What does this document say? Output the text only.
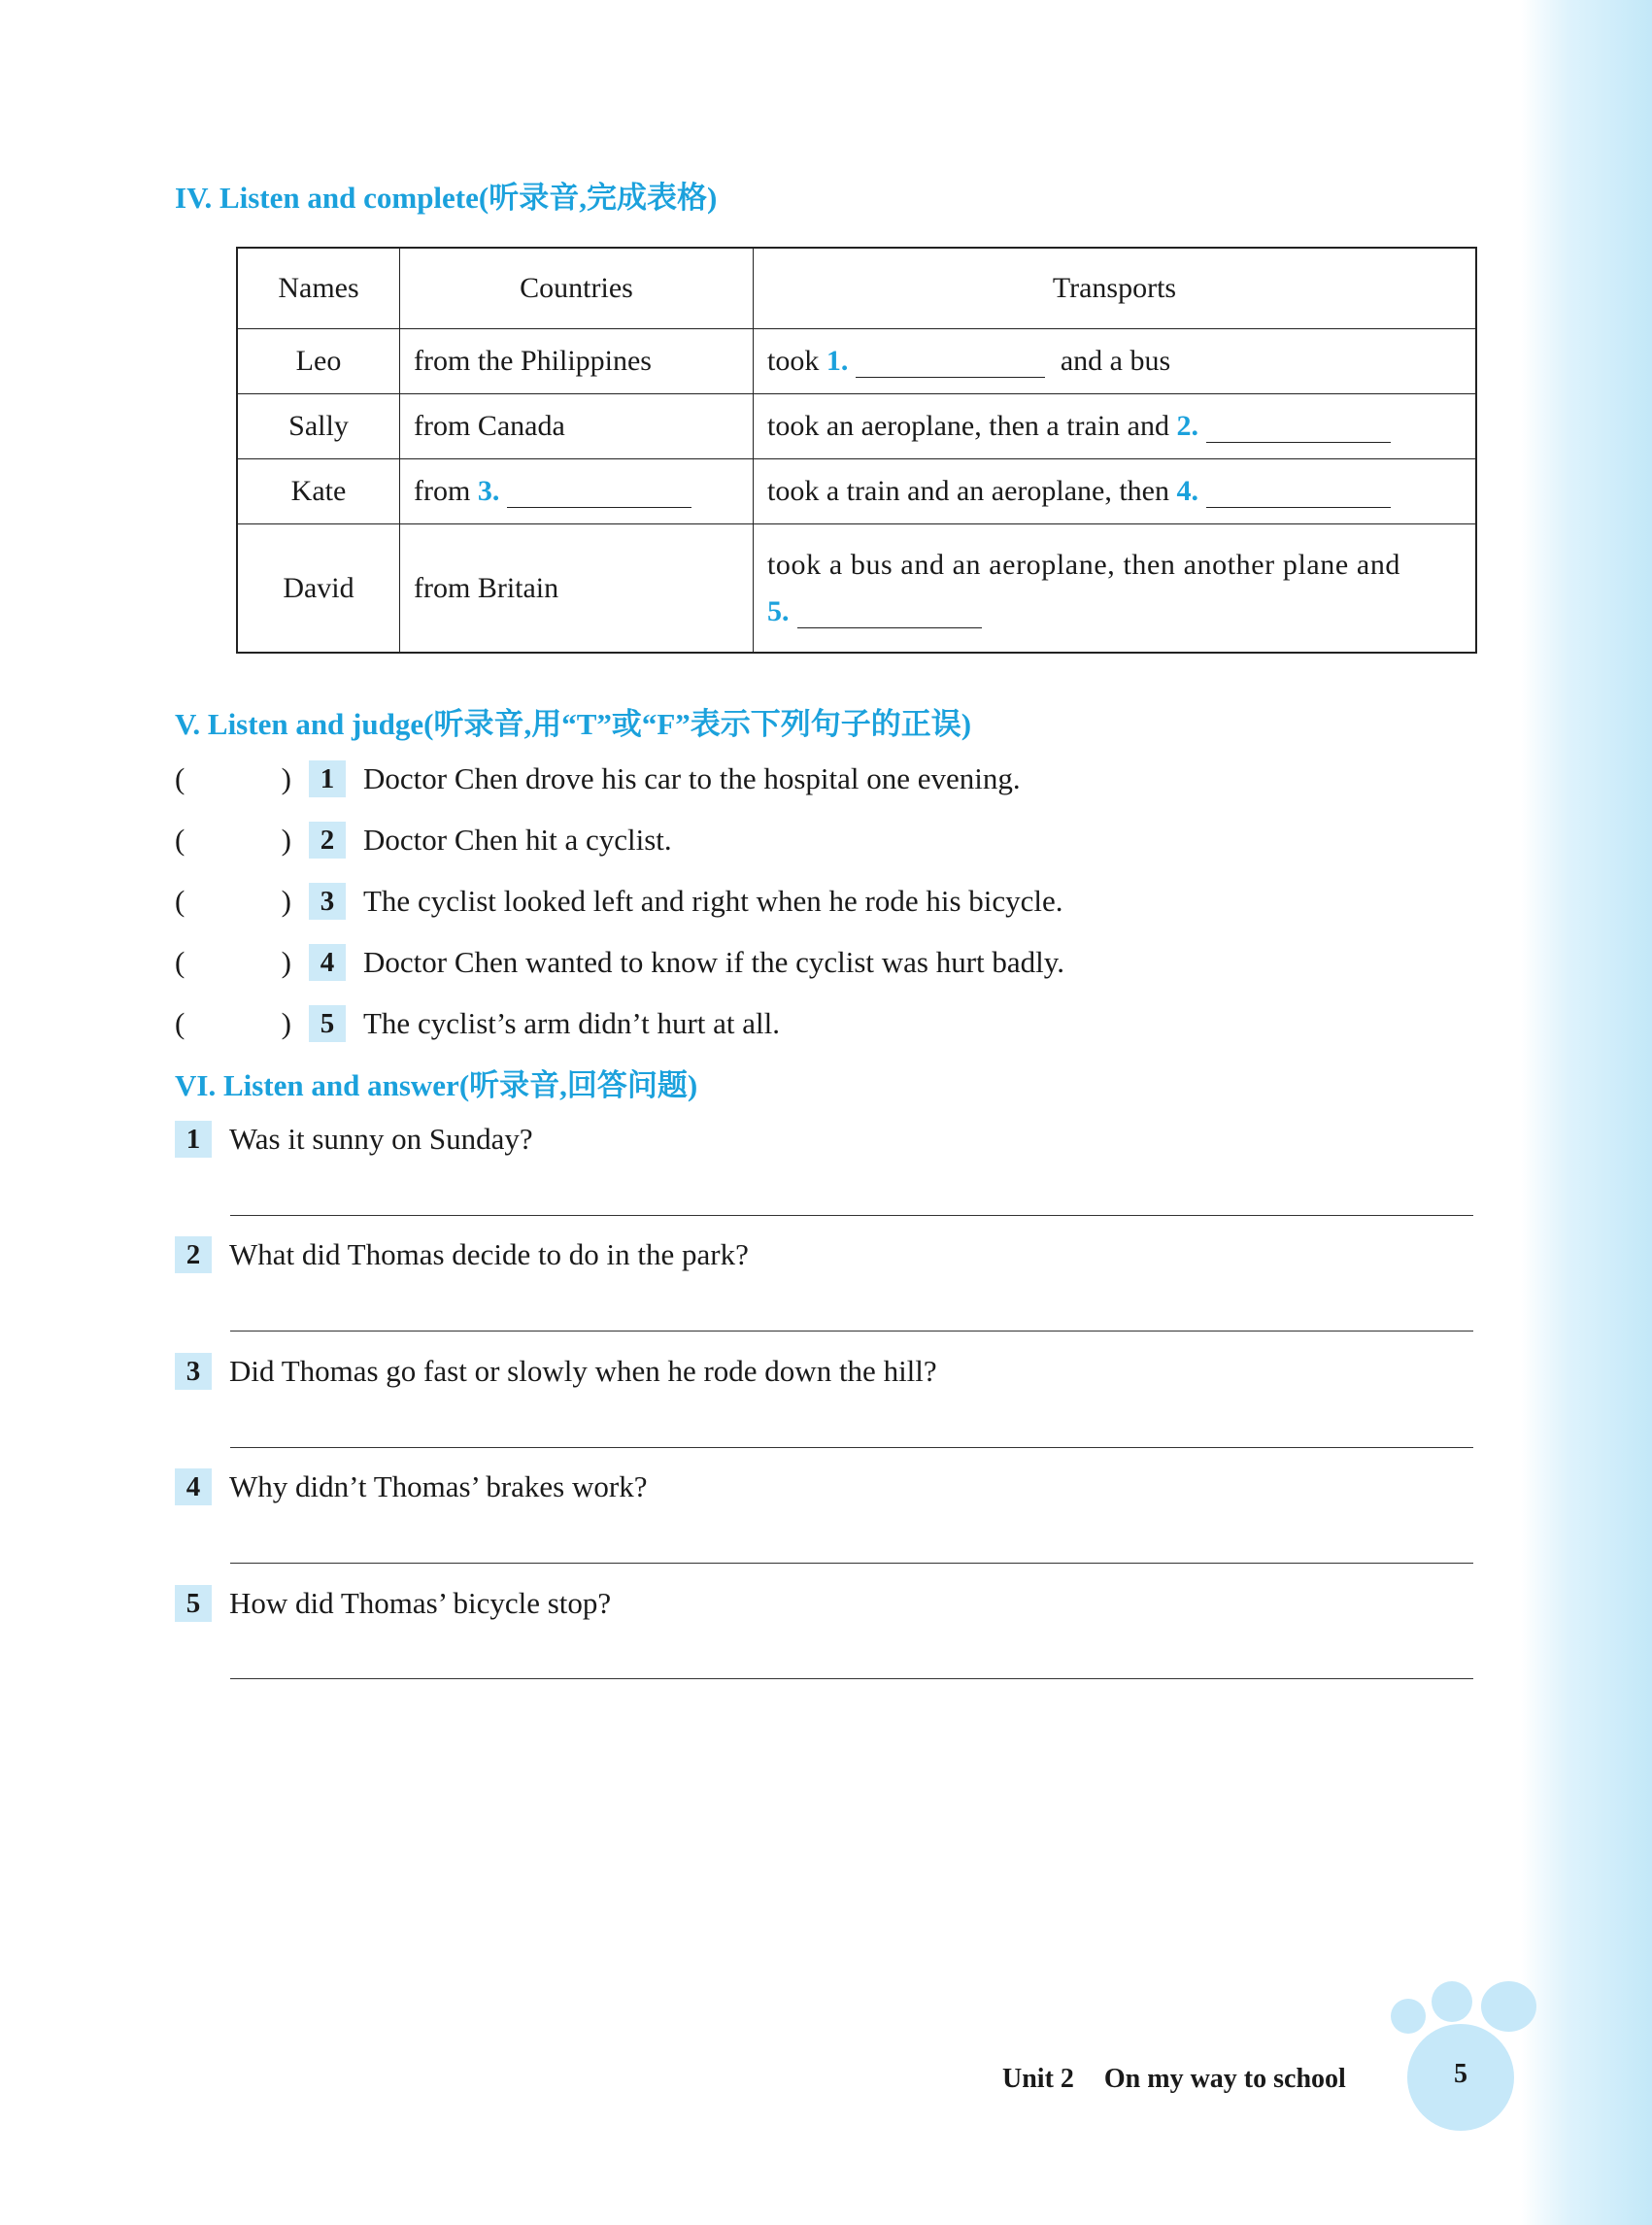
IV. Listen and complete(听录音,完成表格)
Names	Countries	Transports
Leo	from the Philippines	took 1. and a bus
Sally	from Canada	took an aeroplane, then a train and 2.
Kate	from 3.	took a train and an aeroplane, then 4.
David	from Britain	took a bus and an aeroplane, then another plane and
5.
V. Listen and judge(听录音,用“T”或“F”表示下列句子的正误)
(	)	1 Doctor Chen drove his car to the hospital one evening.
(	)	2 Doctor Chen hit a cyclist.
(	)	3 The cyclist looked left and right when he rode his bicycle.
(	)	4 Doctor Chen wanted to know if the cyclist was hurt badly.
(	)	5 The cyclist’s arm didn’t hurt at all.
VI. Listen and answer(听录音,回答问题)
1 Was it sunny on Sunday?
2 What did Thomas decide to do in the park?
3 Did Thomas go fast or slowly when he rode down the hill?
4 Why didn’t Thomas’ brakes work?
5 How did Thomas’ bicycle stop?
Unit 2 On my way to school	5
